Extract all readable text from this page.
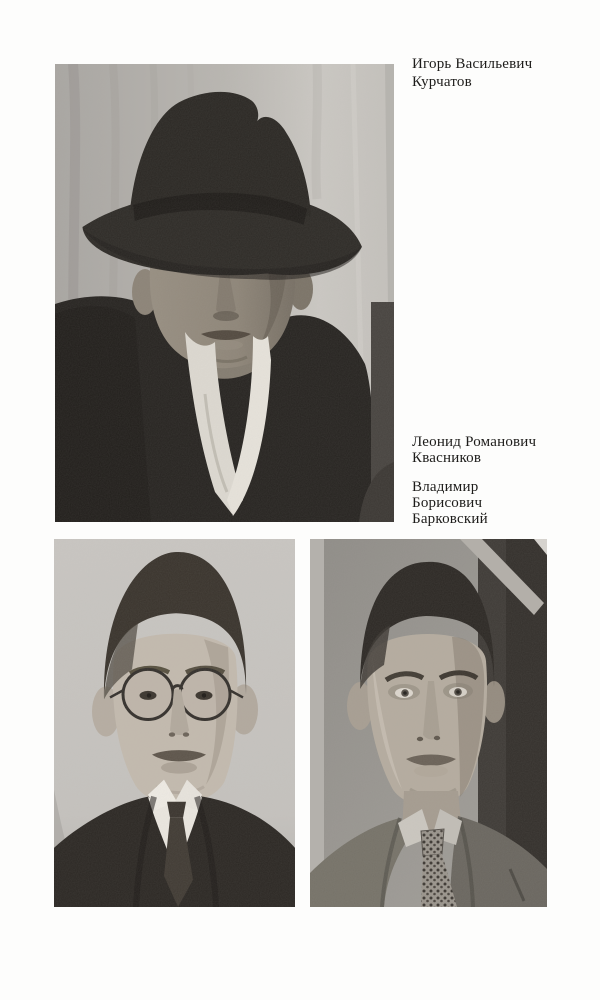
Игорь Васильевич
Курчатов
Леонид Романович
Квасников
Владимир
Борисович
Барковский
